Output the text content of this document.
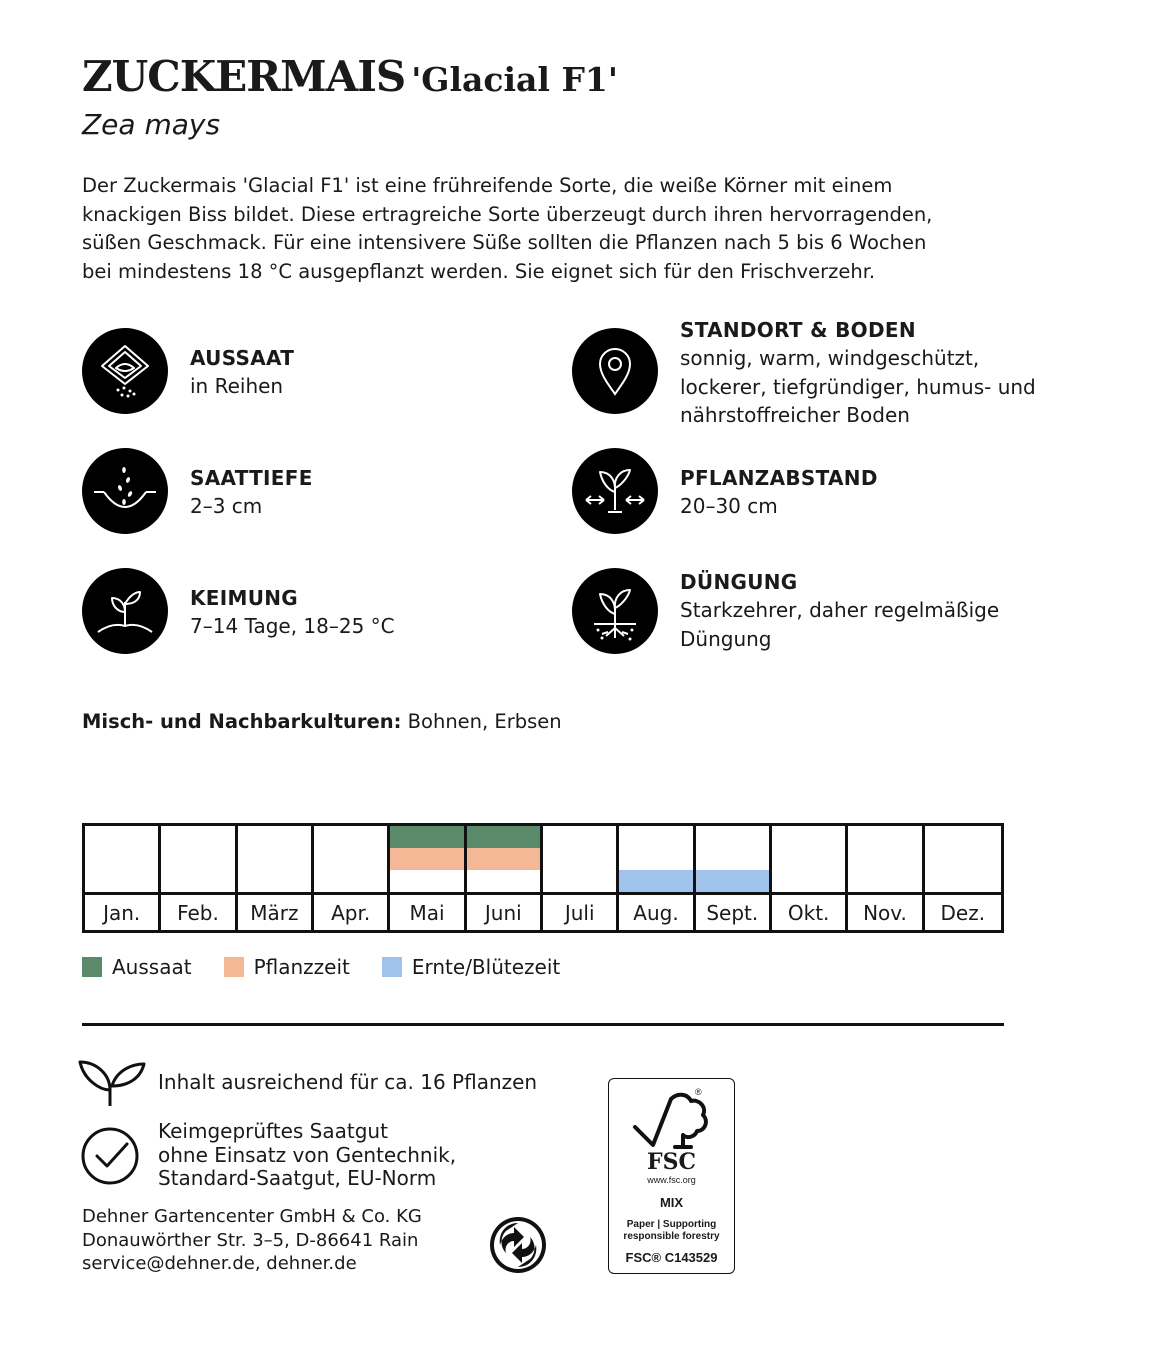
ZUCKERMAIS 'Glacial F1'
Zea mays
Der Zuckermais 'Glacial F1' ist eine frühreifende Sorte, die weiße Körner mit einem
knackigen Biss bildet. Diese ertragreiche Sorte überzeugt durch ihren hervorragenden,
süßen Geschmack. Für eine intensivere Süße sollten die Pflanzen nach 5 bis 6 Wochen
bei mindestens 18 °C ausgepflanzt werden. Sie eignet sich für den Frischverzehr.
AUSSAAT
in Reihen
STANDORT & BODEN
sonnig, warm, windgeschützt,
lockerer, tiefgründiger, humus- und
nährstoffreicher Boden
SAATTIEFE
2–3 cm
PFLANZABSTAND
20–30 cm
KEIMUNG
7–14 Tage, 18–25 °C
DÜNGUNG
Starkzehrer, daher regelmäßige
Düngung
Misch- und Nachbarkulturen: Bohnen, Erbsen
Jan.	Feb.	März	Apr.	Mai	Juni	Juli	Aug.	Sept.	Okt.	Nov.	Dez.
Aussaat	Pflanzzeit	Ernte/Blütezeit
Inhalt ausreichend für ca. 16 Pflanzen
Keimgeprüftes Saatgut
ohne Einsatz von Gentechnik,
Standard-Saatgut, EU-Norm
Dehner Gartencenter GmbH & Co. KG
Donauwörther Str. 3–5, D-86641 Rain
service@dehner.de, dehner.de
®
FSC
www.fsc.org
MIX
Paper | Supporting
responsible forestry
FSC® C143529
